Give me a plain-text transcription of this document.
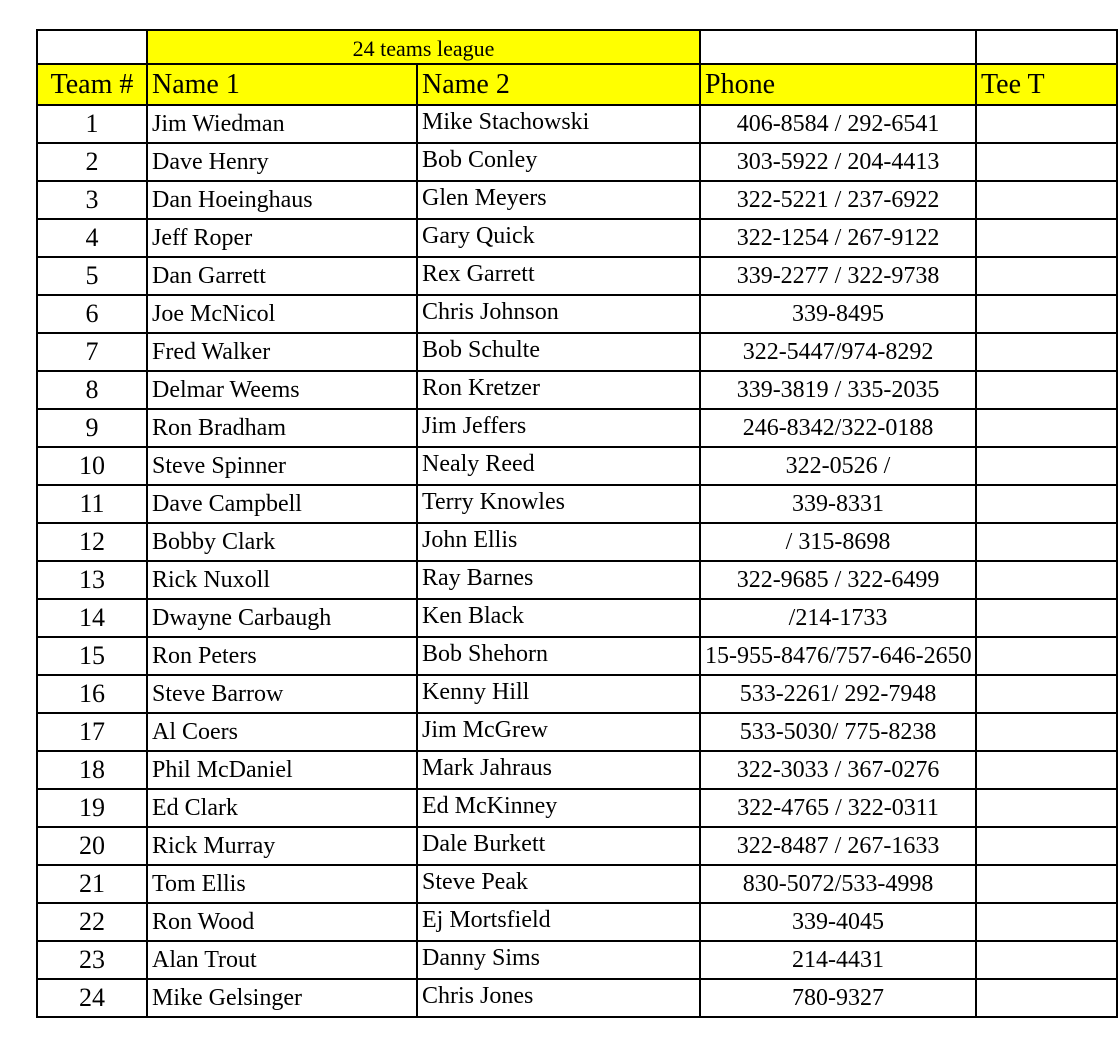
	24 teams league			
Team #	Name 1	Name 2	Phone	Tee T
1	Jim Wiedman	Mike Stachowski	406-8584 / 292-6541	
2	Dave Henry	Bob Conley	303-5922 / 204-4413	
3	Dan Hoeinghaus	Glen Meyers	322-5221 / 237-6922	
4	Jeff Roper	Gary Quick	322-1254 / 267-9122	
5	Dan Garrett	Rex Garrett	339-2277 / 322-9738	
6	Joe McNicol	Chris Johnson	339-8495	
7	Fred Walker	Bob Schulte	322-5447/974-8292	
8	Delmar Weems	Ron Kretzer	339-3819 / 335-2035	
9	Ron Bradham	Jim Jeffers	246-8342/322-0188	
10	Steve Spinner	Nealy Reed	322-0526 /	
11	Dave Campbell	Terry Knowles	339-8331	
12	Bobby Clark	John Ellis	/ 315-8698	
13	Rick Nuxoll	Ray Barnes	322-9685 / 322-6499	
14	Dwayne Carbaugh	Ken Black	/214-1733	
15	Ron Peters	Bob Shehorn	15-955-8476/757-646-2650	
16	Steve Barrow	Kenny Hill	533-2261/ 292-7948	
17	Al Coers	Jim McGrew	533-5030/ 775-8238	
18	Phil McDaniel	Mark Jahraus	322-3033 / 367-0276	
19	Ed Clark	Ed McKinney	322-4765 / 322-0311	
20	Rick Murray	Dale Burkett	322-8487 / 267-1633	
21	Tom Ellis	Steve Peak	830-5072/533-4998	
22	Ron Wood	Ej Mortsfield	339-4045	
23	Alan Trout	Danny Sims	214-4431	
24	Mike Gelsinger	Chris Jones	780-9327	
